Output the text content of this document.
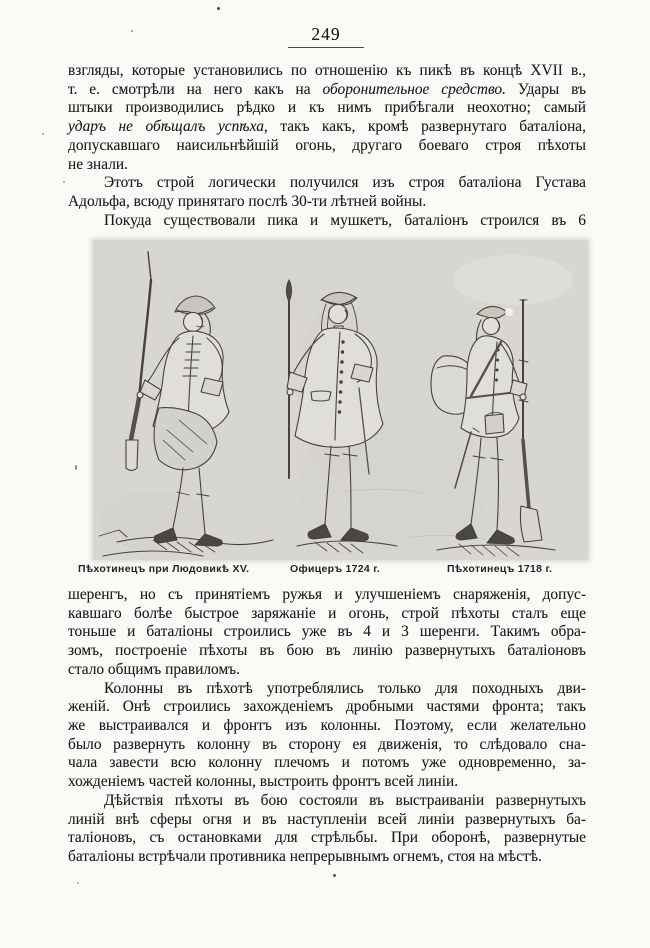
249
взгляды, которые установились по отношенію къ пикѣ въ концѣ XVII в.,
т. е. смотрѣли на него какъ на оборонительное средство. Удары въ
штыки производились рѣдко и къ нимъ прибѣгали неохотно; самый
ударъ не обѣщалъ успѣха, такъ какъ, кромѣ развернутаго баталіона,
допускавшаго наисильнѣйшій огонь, другаго боеваго строя пѣхоты
не знали.
Этотъ строй логически получился изъ строя баталіона Густава
Адольфа, всюду принятаго послѣ 30-ти лѣтней войны.
Покуда существовали пика и мушкетъ, баталіонъ строился въ 6
Пѣхотинецъ при Людовикѣ XV.	Офицеръ 1724 г.	Пѣхотинецъ 1718 г.
шеренгъ, но съ принятіемъ ружья и улучшеніемъ снаряженія, допус-
кавшаго болѣе быстрое заряжаніе и огонь, строй пѣхоты сталъ еще
тоньше и баталіоны строились уже въ 4 и 3 шеренги. Такимъ обра-
зомъ, построеніе пѣхоты въ бою въ линію развернутыхъ баталіоновъ
стало общимъ правиломъ.
Колонны въ пѣхотѣ употреблялись только для походныхъ дви-
женій. Онѣ строились захожденіемъ дробными частями фронта; такъ
же выстраивался и фронтъ изъ колонны. Поэтому, если желательно
было развернуть колонну въ сторону ея движенія, то слѣдовало сна-
чала завести всю колонну плечомъ и потомъ уже одновременно, за-
хожденіемъ частей колонны, выстроить фронтъ всей линіи.
Дѣйствія пѣхоты въ бою состояли въ выстраиваніи развернутыхъ
линій внѣ сферы огня и въ наступленіи всей линіи развернутыхъ ба-
таліоновъ, съ остановками для стрѣльбы. При оборонѣ, развернутые
баталіоны встрѣчали противника непрерывнымъ огнемъ, стоя на мѣстѣ.
